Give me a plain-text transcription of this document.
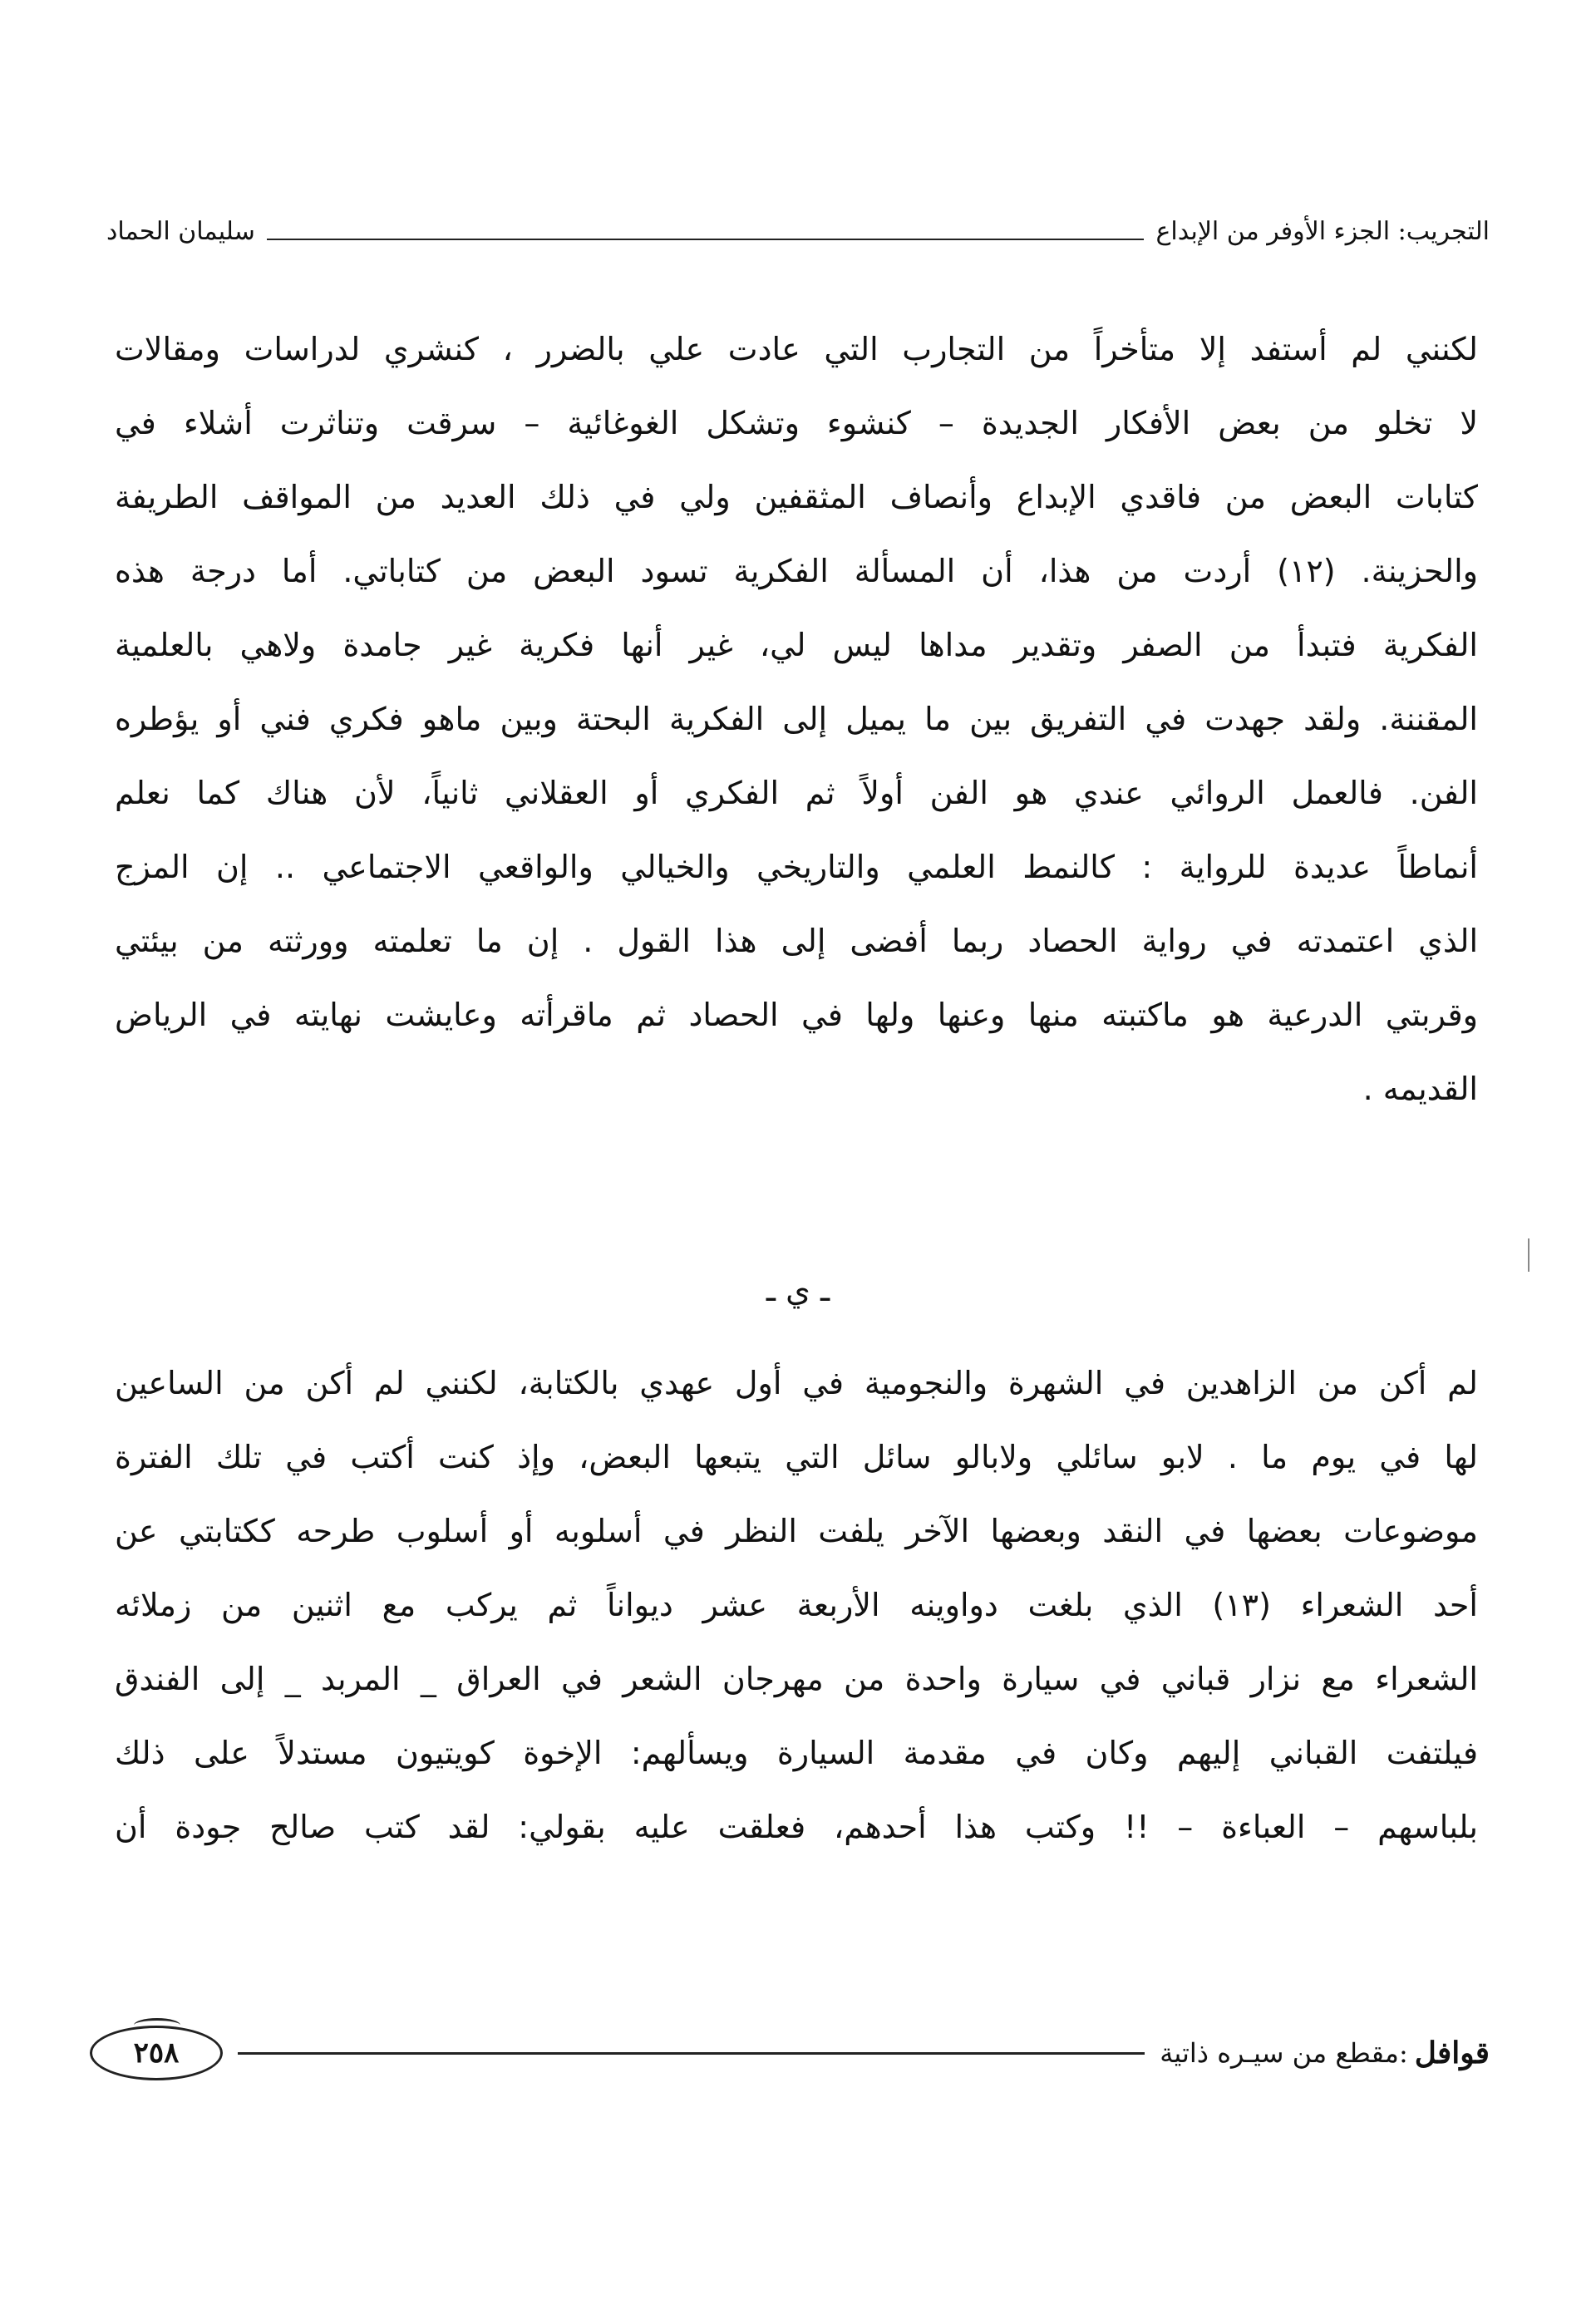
التجريب: الجزء الأوفر من الإبداع
سليمان الحماد
لكنني لم أستفد إلا متأخراً من التجارب التي عادت علي بالضرر ، كنشري لدراسات ومقالات
لا تخلو من بعض الأفكار الجديدة – كنشوء وتشكل الغوغائية – سرقت وتناثرت أشلاء في
كتابات البعض من فاقدي الإبداع وأنصاف المثقفين ولي في ذلك العديد من المواقف الطريفة
والحزينة. (١٢) أردت من هذا، أن المسألة الفكرية تسود البعض من كتاباتي. أما درجة هذه
الفكرية فتبدأ من الصفر وتقدير مداها ليس لي، غير أنها فكرية غير جامدة ولاهي بالعلمية
المقننة. ولقد جهدت في التفريق بين ما يميل إلى الفكرية البحتة وبين ماهو فكري فني أو يؤطره
الفن. فالعمل الروائي عندي هو الفن أولاً ثم الفكري أو العقلاني ثانياً، لأن هناك كما نعلم
أنماطاً عديدة للرواية : كالنمط العلمي والتاريخي والخيالي والواقعي الاجتماعي .. إن المزج
الذي اعتمدته في رواية الحصاد ربما أفضى إلى هذا القول . إن ما تعلمته وورثته من بيئتي
وقربتي الدرعية هو ماكتبته منها وعنها ولها في الحصاد ثم ماقرأته وعايشت نهايته في الرياض
القديمه .
ـ ي ـ
لم أكن من الزاهدين في الشهرة والنجومية في أول عهدي بالكتابة، لكنني لم أكن من الساعين
لها في يوم ما . لابو سائلي ولابالو سائل التي يتبعها البعض، وإذ كنت أكتب في تلك الفترة
موضوعات بعضها في النقد وبعضها الآخر يلفت النظر في أسلوبه أو أسلوب طرحه ككتابتي عن
أحد الشعراء (١٣) الذي بلغت دواوينه الأربعة عشر ديواناً ثم يركب مع اثنين من زملائه
الشعراء مع نزار قباني في سيارة واحدة من مهرجان الشعر في العراق _ المربد _ إلى الفندق
فيلتفت القباني إليهم وكان في مقدمة السيارة ويسألهم: الإخوة كويتيون مستدلاً على ذلك
بلباسهم – العباءة – !! وكتب هذا أحدهم، فعلقت عليه بقولي: لقد كتب صالح جودة أن
قوافل
:مقطع من سيـره ذاتية
٢٥٨
